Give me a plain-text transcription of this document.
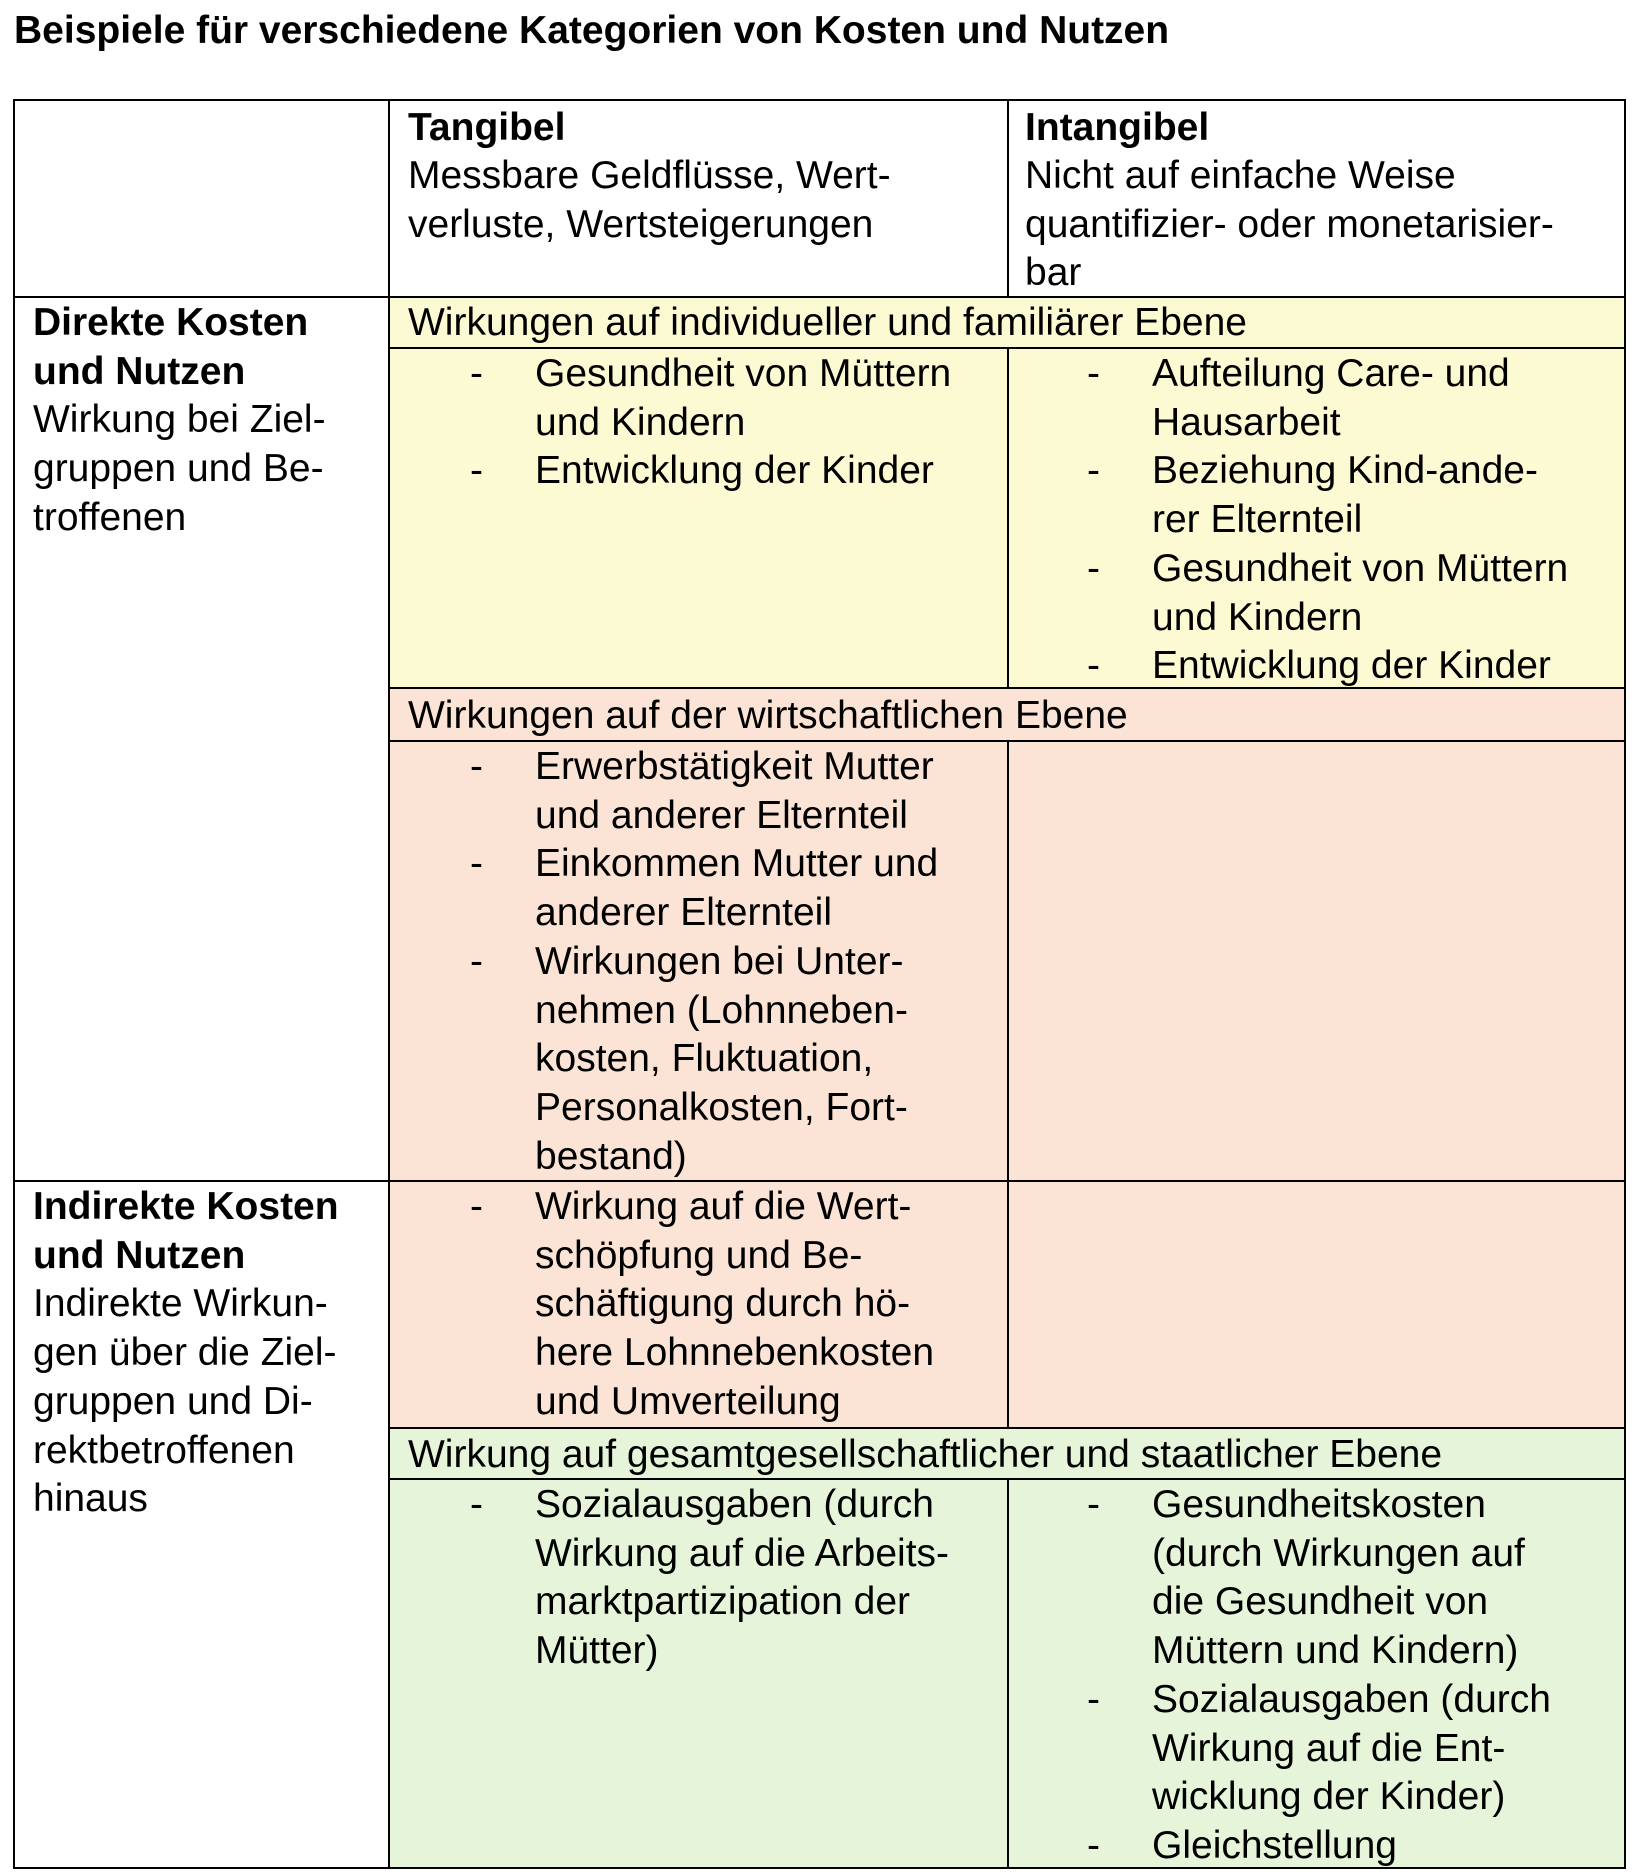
Beispiele für verschiedene Kategorien von Kosten und Nutzen
Tangibel
Messbare Geldflüsse, Wert-
verluste, Wertsteigerungen
Intangibel
Nicht auf einfache Weise
quantifizier- oder monetarisier-
bar
Direkte Kosten
und Nutzen
Wirkung bei Ziel-
gruppen und Be-
troffenen
Indirekte Kosten
und Nutzen
Indirekte Wirkun-
gen über die Ziel-
gruppen und Di-
rektbetroffenen
hinaus
Wirkungen auf individueller und familiärer Ebene
- Gesundheit von Müttern
und Kindern
- Entwicklung der Kinder
- Aufteilung Care- und
Hausarbeit
- Beziehung Kind-ande-
rer Elternteil
- Gesundheit von Müttern
und Kindern
- Entwicklung der Kinder
Wirkungen auf der wirtschaftlichen Ebene
- Erwerbstätigkeit Mutter
und anderer Elternteil
- Einkommen Mutter und
anderer Elternteil
- Wirkungen bei Unter-
nehmen (Lohnneben-
kosten, Fluktuation,
Personalkosten, Fort-
bestand)
- Wirkung auf die Wert-
schöpfung und Be-
schäftigung durch hö-
here Lohnnebenkosten
und Umverteilung
Wirkung auf gesamtgesellschaftlicher und staatlicher Ebene
- Sozialausgaben (durch
Wirkung auf die Arbeits-
marktpartizipation der
Mütter)
- Gesundheitskosten
(durch Wirkungen auf
die Gesundheit von
Müttern und Kindern)
- Sozialausgaben (durch
Wirkung auf die Ent-
wicklung der Kinder)
- Gleichstellung
